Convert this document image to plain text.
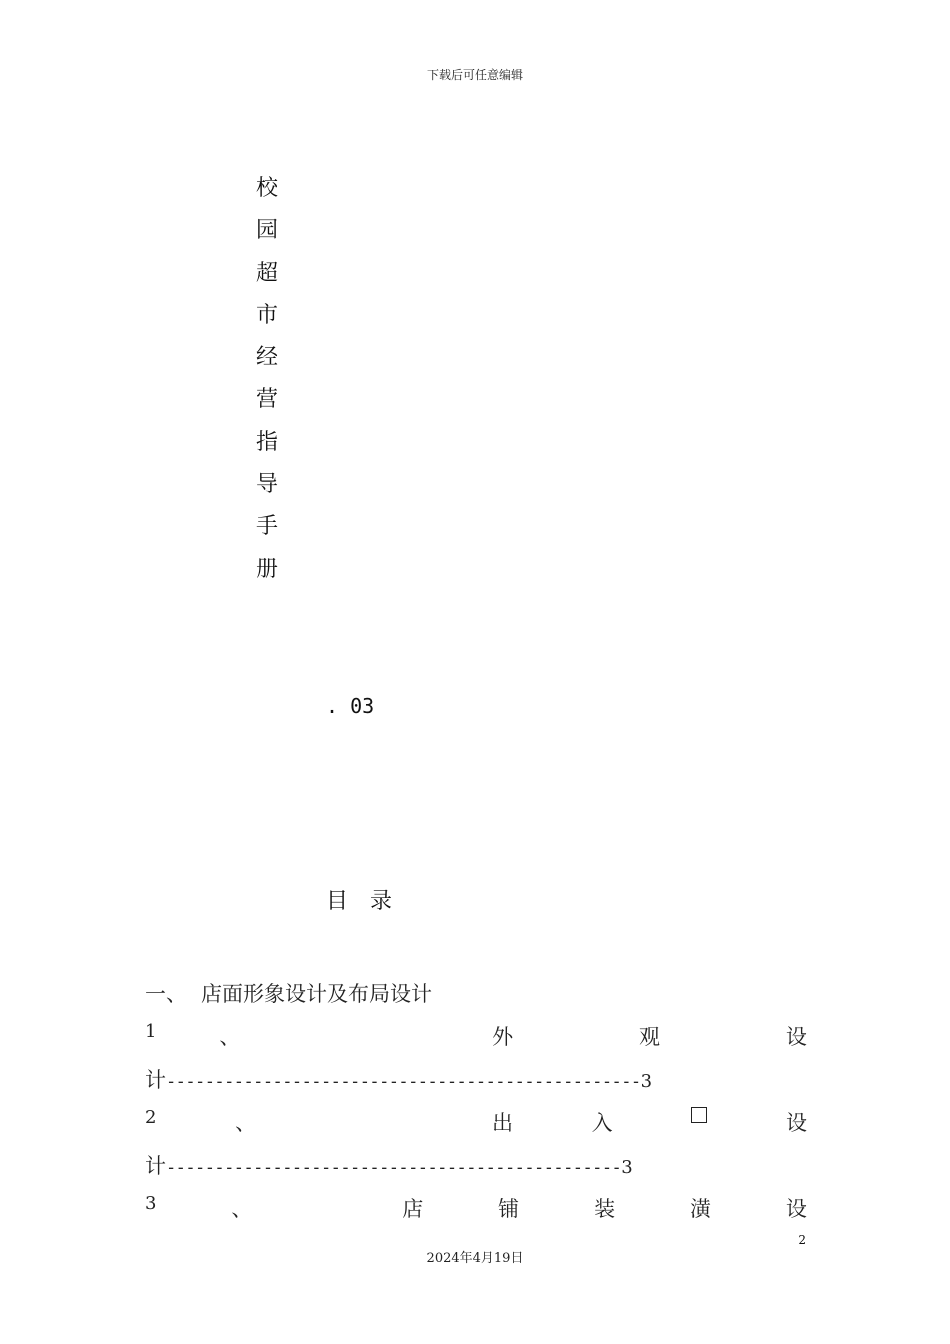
下载后可任意编辑
校
园
超
市
经
营
指
导
手
册
. 03
目 录
一、 店面形象设计及布局设计
1	、	外	观	设
计-------------------------------------------------3
2	、	出	入	设
计-----------------------------------------------3
3	、	店	铺	装	潢	设
2
2024年4月19日
